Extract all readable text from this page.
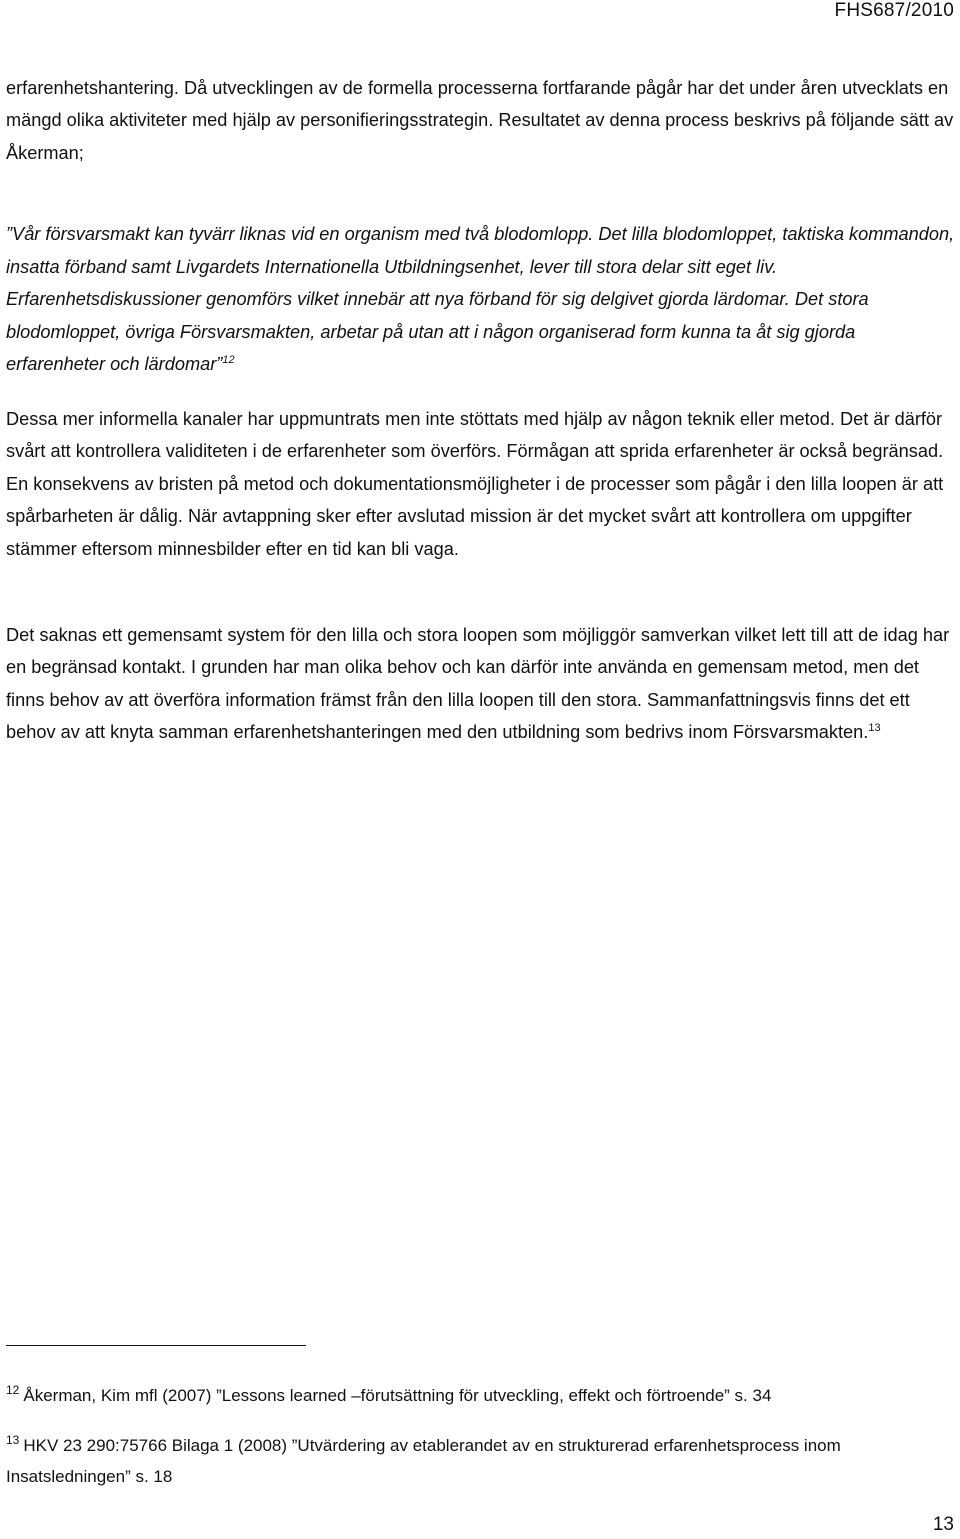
FHS687/2010

erfarenhetshantering. Då utvecklingen av de formella processerna fortfarande pågår har det under åren utvecklats en mängd olika aktiviteter med hjälp av personifieringsstrategin. Resultatet av denna process beskrivs på följande sätt av Åkerman;

”Vår försvarsmakt kan tyvärr liknas vid en organism med två blodomlopp. Det lilla blodomloppet, taktiska kommandon, insatta förband samt Livgardets Internationella Utbildningsenhet, lever till stora delar sitt eget liv. Erfarenhetsdiskussioner genomförs vilket innebär att nya förband för sig delgivet gjorda lärdomar. Det stora blodomloppet, övriga Försvarsmakten, arbetar på utan att i någon organiserad form kunna ta åt sig gjorda erfarenheter och lärdomar”$^{12}$

Dessa mer informella kanaler har uppmuntrats men inte stöttats med hjälp av någon teknik eller metod. Det är därför svårt att kontrollera validiteten i de erfarenheter som överförs. Förmågan att sprida erfarenheter är också begränsad. En konsekvens av bristen på metod och dokumentationsmöjligheter i de processer som pågår i den lilla loopen är att spårbarheten är dålig. När avtappning sker efter avslutad mission är det mycket svårt att kontrollera om uppgifter stämmer eftersom minnesbilder efter en tid kan bli vaga.

Det saknas ett gemensamt system för den lilla och stora loopen som möjliggör samverkan vilket lett till att de idag har en begränsad kontakt. I grunden har man olika behov och kan därför inte använda en gemensam metod, men det finns behov av att överföra information främst från den lilla loopen till den stora. Sammanfattningsvis finns det ett behov av att knyta samman erfarenhetshanteringen med den utbildning som bedrivs inom Försvarsmakten.$^{13}$

$^{12}$ Åkerman, Kim mfl (2007) ”Lessons learned –förutsättning för utveckling, effekt och förtroende” s. 34

$^{13}$ HKV 23 290:75766 Bilaga 1 (2008) ”Utvärdering av etablerandet av en strukturerad erfarenhetsprocess inom Insatsledningen” s. 18

13
